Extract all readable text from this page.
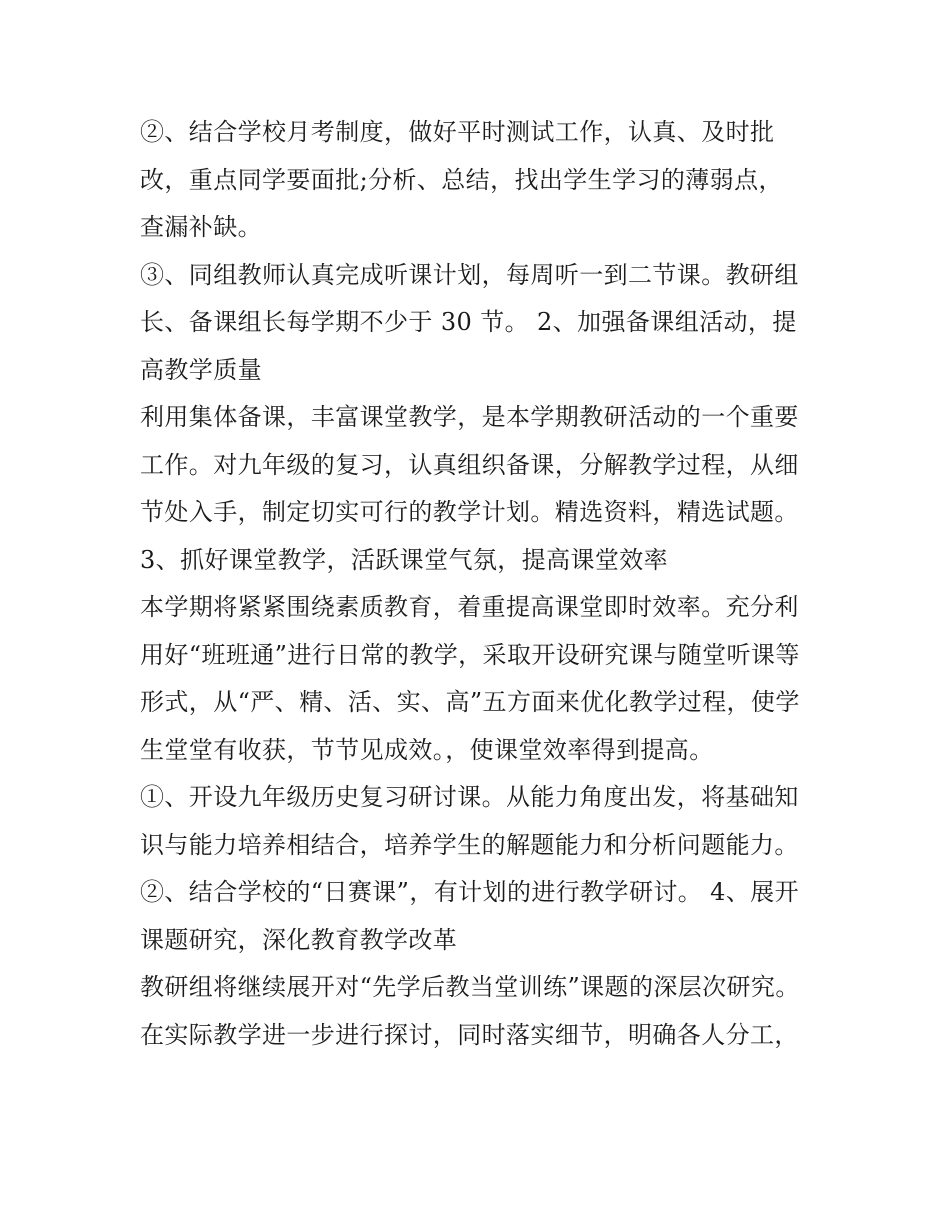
②、结合学校月考制度，做好平时测试工作，认真、及时批
改，重点同学要面批;分析、总结，找出学生学习的薄弱点，
查漏补缺。
③、同组教师认真完成听课计划，每周听一到二节课。教研组
长、备课组长每学期不少于 30 节。 2、加强备课组活动，提
高教学质量
利用集体备课，丰富课堂教学，是本学期教研活动的一个重要
工作。对九年级的复习，认真组织备课，分解教学过程，从细
节处入手，制定切实可行的教学计划。精选资料，精选试题。
3、抓好课堂教学，活跃课堂气氛，提高课堂效率
本学期将紧紧围绕素质教育，着重提高课堂即时效率。充分利
用好“班班通”进行日常的教学，采取开设研究课与随堂听课等
形式，从“严、精、活、实、高”五方面来优化教学过程，使学
生堂堂有收获，节节见成效。，使课堂效率得到提高。
①、开设九年级历史复习研讨课。从能力角度出发，将基础知
识与能力培养相结合，培养学生的解题能力和分析问题能力。
②、结合学校的“日赛课”，有计划的进行教学研讨。 4、展开
课题研究，深化教育教学改革
教研组将继续展开对“先学后教当堂训练”课题的深层次研究。
在实际教学进一步进行探讨，同时落实细节，明确各人分工，
